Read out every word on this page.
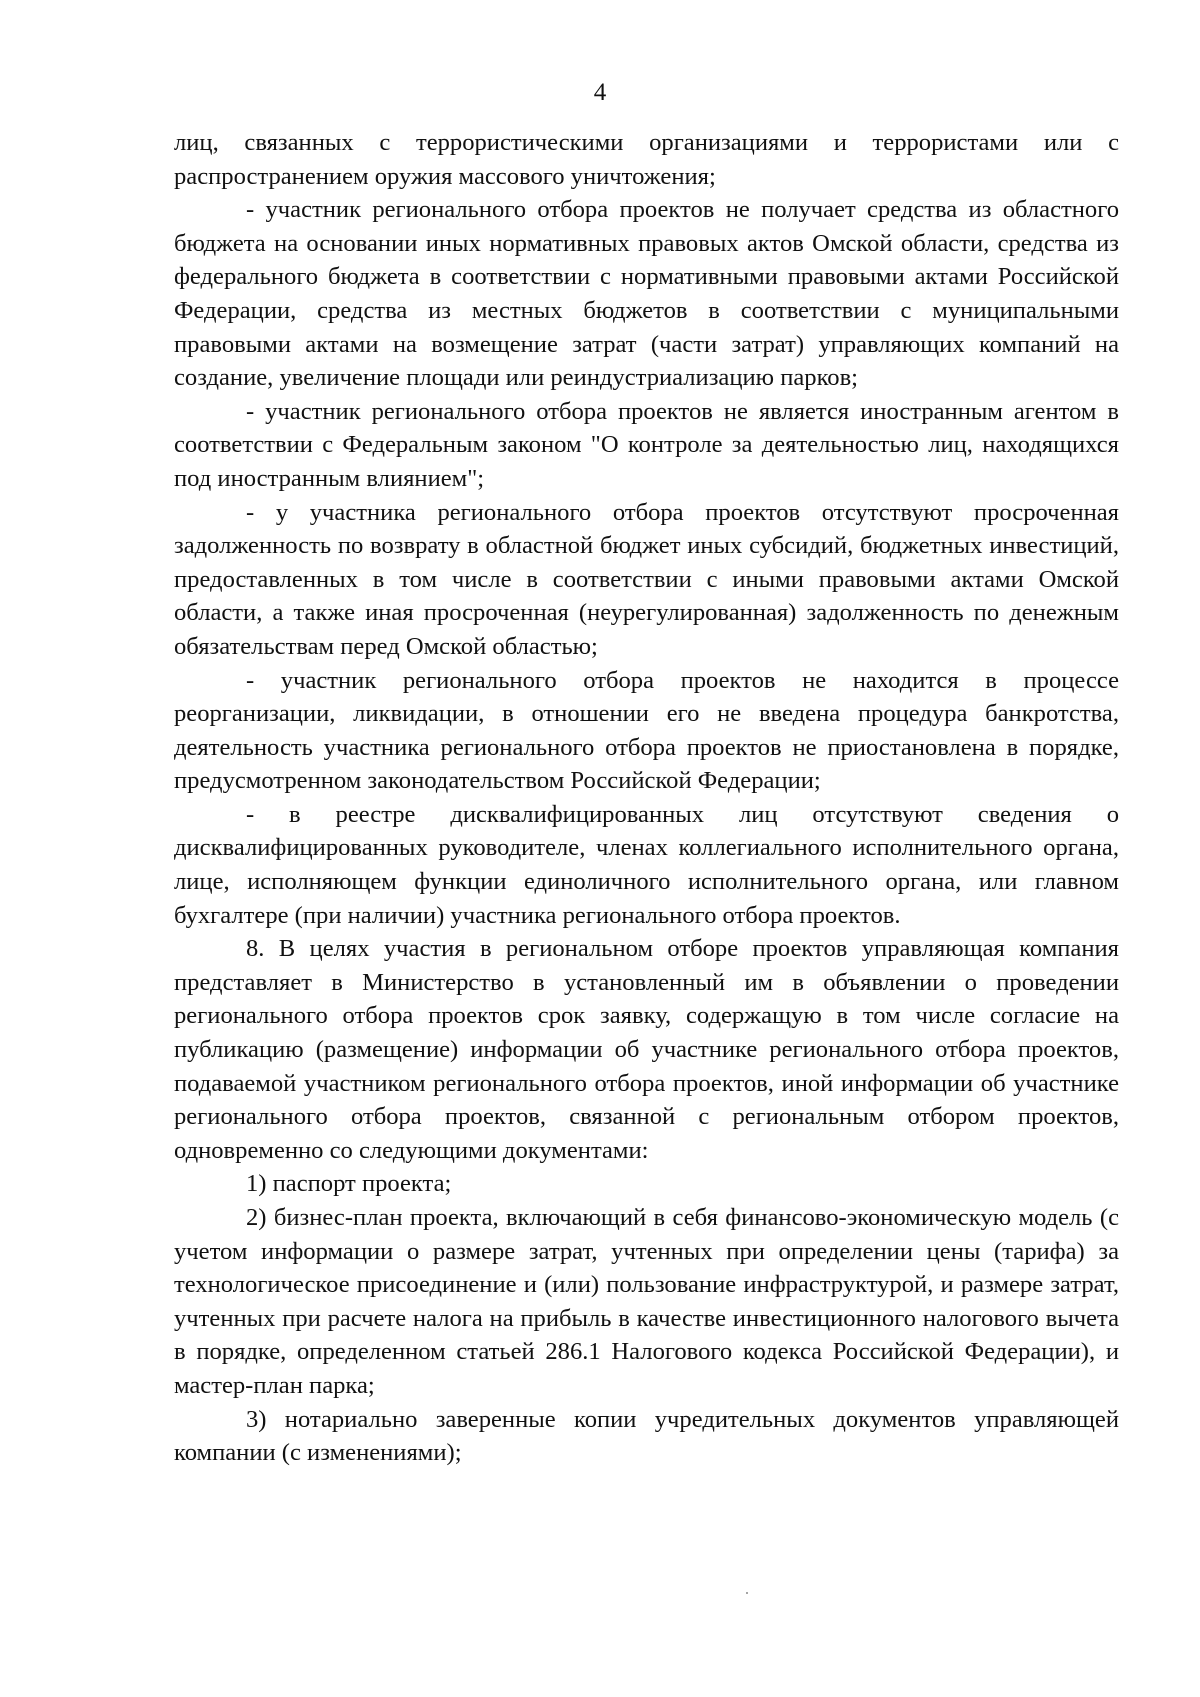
4

лиц, связанных с террористическими организациями и террористами или с распространением оружия массового уничтожения;

- участник регионального отбора проектов не получает средства из областного бюджета на основании иных нормативных правовых актов Омской области, средства из федерального бюджета в соответствии с нормативными правовыми актами Российской Федерации, средства из местных бюджетов в соответствии с муниципальными правовыми актами на возмещение затрат (части затрат) управляющих компаний на создание, увеличение площади или реиндустриализацию парков;

- участник регионального отбора проектов не является иностранным агентом в соответствии с Федеральным законом "О контроле за деятельностью лиц, находящихся под иностранным влиянием";

- у участника регионального отбора проектов отсутствуют просроченная задолженность по возврату в областной бюджет иных субсидий, бюджетных инвестиций, предоставленных в том числе в соответствии с иными правовыми актами Омской области, а также иная просроченная (неурегулированная) задолженность по денежным обязательствам перед Омской областью;

- участник регионального отбора проектов не находится в процессе реорганизации, ликвидации, в отношении его не введена процедура банкротства, деятельность участника регионального отбора проектов не приостановлена в порядке, предусмотренном законодательством Российской Федерации;

- в реестре дисквалифицированных лиц отсутствуют сведения о дисквалифицированных руководителе, членах коллегиального исполнительного органа, лице, исполняющем функции единоличного исполнительного органа, или главном бухгалтере (при наличии) участника регионального отбора проектов.

8. В целях участия в региональном отборе проектов управляющая компания представляет в Министерство в установленный им в объявлении о проведении регионального отбора проектов срок заявку, содержащую в том числе согласие на публикацию (размещение) информации об участнике регионального отбора проектов, подаваемой участником регионального отбора проектов, иной информации об участнике регионального отбора проектов, связанной с региональным отбором проектов, одновременно со следующими документами:

1) паспорт проекта;

2) бизнес-план проекта, включающий в себя финансово-экономическую модель (с учетом информации о размере затрат, учтенных при определении цены (тарифа) за технологическое присоединение и (или) пользование инфраструктурой, и размере затрат, учтенных при расчете налога на прибыль в качестве инвестиционного налогового вычета в порядке, определенном статьей 286.1 Налогового кодекса Российской Федерации), и мастер-план парка;

3) нотариально заверенные копии учредительных документов управляющей компании (с изменениями);
